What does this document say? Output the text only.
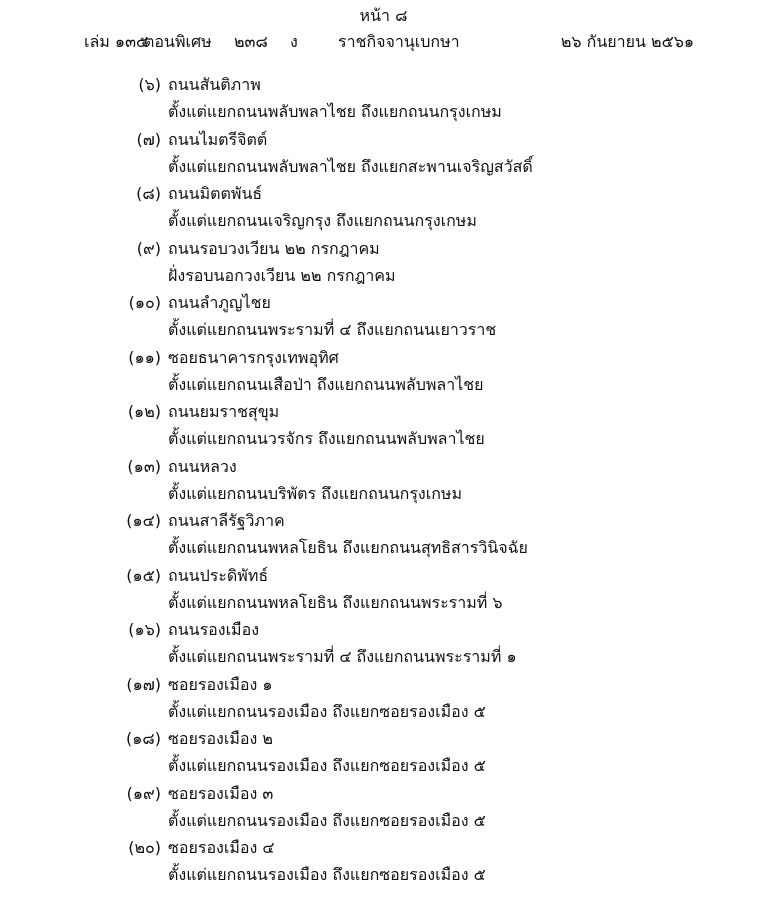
หน้า ๘
เล่ม ๑๓๕
ตอนพิเศษ ๒๓๘ ง	ราชกิจจานุเบกษา	๒๖ กันยายน ๒๕๖๑
(๖) ถนนสันติภาพ
ตั้งแต่แยกถนนพลับพลาไชย ถึงแยกถนนกรุงเกษม
(๗) ถนนไมตรีจิตต์
ตั้งแต่แยกถนนพลับพลาไชย ถึงแยกสะพานเจริญสวัสดิ์
(๘) ถนนมิตตพันธ์
ตั้งแต่แยกถนนเจริญกรุง ถึงแยกถนนกรุงเกษม
(๙) ถนนรอบวงเวียน ๒๒ กรกฎาคม
ฝั่งรอบนอกวงเวียน ๒๒ กรกฎาคม
(๑๐) ถนนลำภูญไชย
ตั้งแต่แยกถนนพระรามที่ ๔ ถึงแยกถนนเยาวราช
(๑๑) ซอยธนาคารกรุงเทพอุทิศ
ตั้งแต่แยกถนนเสือป่า ถึงแยกถนนพลับพลาไชย
(๑๒) ถนนยมราชสุขุม
ตั้งแต่แยกถนนวรจักร ถึงแยกถนนพลับพลาไชย
(๑๓) ถนนหลวง
ตั้งแต่แยกถนนบริพัตร ถึงแยกถนนกรุงเกษม
(๑๔) ถนนสาลีรัฐวิภาค
ตั้งแต่แยกถนนพหลโยธิน ถึงแยกถนนสุทธิสารวินิจฉัย
(๑๕) ถนนประดิพัทธ์
ตั้งแต่แยกถนนพหลโยธิน ถึงแยกถนนพระรามที่ ๖
(๑๖) ถนนรองเมือง
ตั้งแต่แยกถนนพระรามที่ ๔ ถึงแยกถนนพระรามที่ ๑
(๑๗) ซอยรองเมือง ๑
ตั้งแต่แยกถนนรองเมือง ถึงแยกซอยรองเมือง ๕
(๑๘) ซอยรองเมือง ๒
ตั้งแต่แยกถนนรองเมือง ถึงแยกซอยรองเมือง ๕
(๑๙) ซอยรองเมือง ๓
ตั้งแต่แยกถนนรองเมือง ถึงแยกซอยรองเมือง ๕
(๒๐) ซอยรองเมือง ๔
ตั้งแต่แยกถนนรองเมือง ถึงแยกซอยรองเมือง ๕
